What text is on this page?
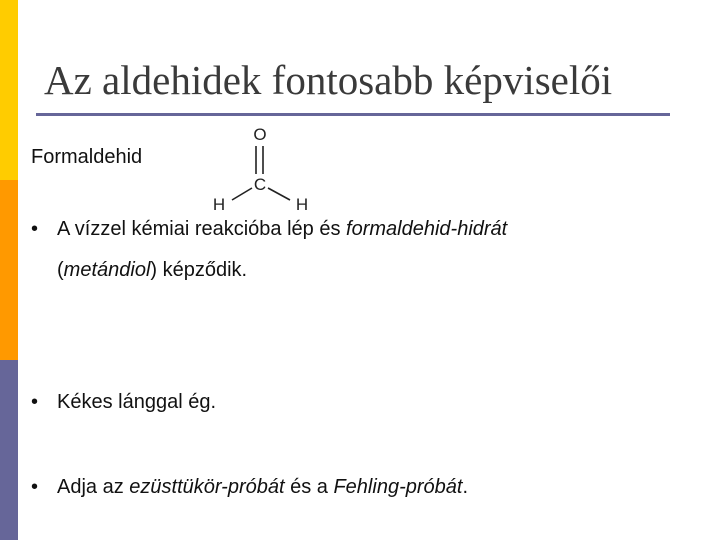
Az aldehidek fontosabb képviselői
Formaldehid
O
C
H	H
• A vízzel kémiai reakcióba lép és formaldehid-hidrát
(metándiol) képződik.
• Kékes lánggal ég.
• Adja az ezüsttükör-próbát és a Fehling-próbát.
